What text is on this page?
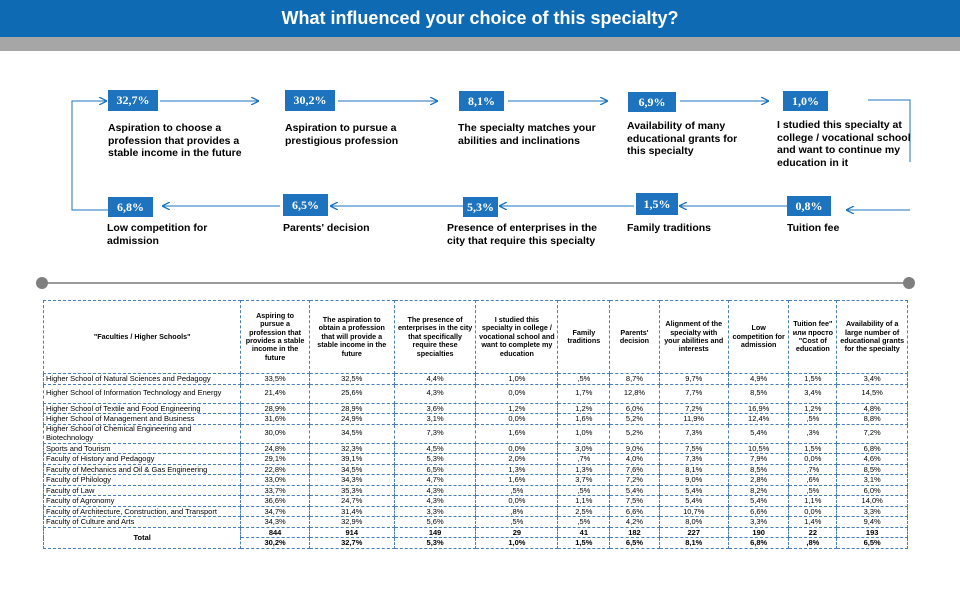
What influenced your choice of this specialty?
32,7%	30,2%	8,1%	6,9%	1,0%
Aspiration to choose a profession that provides a stable income in the future
Aspiration to pursue a prestigious profession
The specialty matches your abilities and inclinations
Availability of many educational grants for this specialty
I studied this specialty at college / vocational school and want to continue my education in it
6,8%	6,5%	5,3%	1,5%	0,8%
Low competition for admission
Parents' decision	Presence of enterprises in the city that require this specialty
Family traditions	Tuition fee
"Faculties / Higher Schools"	Aspiring to pursue a profession that provides a stable income in the future	The aspiration to obtain a profession that will provide a stable income in the future	The presence of enterprises in the city that specifically require these specialties	I studied this specialty in college / vocational school and want to complete my education	Family traditions	Parents' decision	Alignment of the specialty with your abilities and interests	Low competition for admission	Tuition fee" или просто "Cost of education	Availability of a large number of educational grants for the specialty
Higher School of Natural Sciences and Pedagogy	33,5%	32,5%	4,4%	1,0%	,5%	8,7%	9,7%	4,9%	1,5%	3,4%
Higher School of Information Technology and Energy	21,4%	25,6%	4,3%	0,0%	1,7%	12,8%	7,7%	8,5%	3,4%	14,5%
Higher School of Textile and Food Engineering	28,9%	28,9%	3,6%	1,2%	1,2%	6,0%	7,2%	16,9%	1,2%	4,8%
Higher School of Management and Business	31,6%	24,9%	3,1%	0,0%	1,6%	5,2%	11,9%	12,4%	,5%	8,8%
Higher School of Chemical Engineering and Biotechnology	30,0%	34,5%	7,3%	1,6%	1,0%	5,2%	7,3%	5,4%	,3%	7,2%
Sports and Tourism	24,8%	32,3%	4,5%	0,0%	3,0%	9,0%	7,5%	10,5%	1,5%	6,8%
Faculty of History and Pedagogy	29,1%	39,1%	5,3%	2,0%	,7%	4,0%	7,3%	7,9%	0,0%	4,6%
Faculty of Mechanics and Oil & Gas Engineering	22,8%	34,5%	6,5%	1,3%	1,3%	7,6%	8,1%	8,5%	,7%	8,5%
Faculty of Philology	33,0%	34,3%	4,7%	1,6%	3,7%	7,2%	9,0%	2,8%	,6%	3,1%
Faculty of Law	33,7%	35,3%	4,3%	,5%	,5%	5,4%	5,4%	8,2%	,5%	6,0%
Faculty of Agronomy	36,6%	24,7%	4,3%	0,0%	1,1%	7,5%	5,4%	5,4%	1,1%	14,0%
Faculty of Architecture, Construction, and Transport	34,7%	31,4%	3,3%	,8%	2,5%	6,6%	10,7%	6,6%	0,0%	3,3%
Faculty of Culture and Arts	34,3%	32,9%	5,6%	,5%	,5%	4,2%	8,0%	3,3%	1,4%	9,4%
Total	844	914	149	29	41	182	227	190	22	193
	30,2%	32,7%	5,3%	1,0%	1,5%	6,5%	8,1%	6,8%	,8%	6,5%
